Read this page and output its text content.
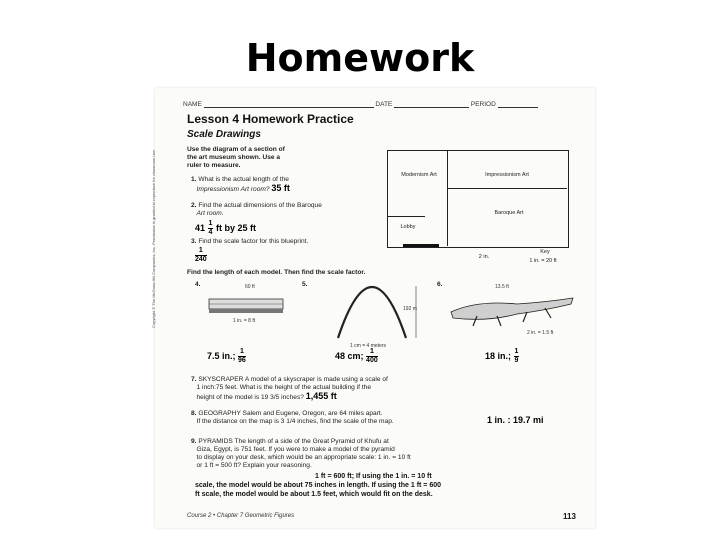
Homework
Copyright © The McGraw-Hill Companies, Inc. Permission is granted to reproduce for classroom use.
NAME	DATE	PERIOD
Lesson 4 Homework Practice
Scale Drawings
Use the diagram of a section of
the art museum shown. Use a
ruler to measure.
1. What is the actual length of the
Impressionism Art room? 35 ft
2. Find the actual dimensions of the Baroque
Art room.
$41 \frac{1}{4}$ ft by 25 ft
3. Find the scale factor for this blueprint.
$\frac{1}{240}$
Modernism Art	Impressionism Art
Baroque Art
Lobby
Key
1 in. = 20 ft
2 in.
Find the length of each model. Then find the scale factor.
4.	60 ft
1 in. = 8 ft
5.
192 m
1 cm = 4 meters
6.	13.5 ft
2 in. = 1.5 ft
7.5 in.; $\frac{1}{96}$	48 cm; $\frac{1}{400}$	18 in.; $\frac{1}{9}$
7. SKYSCRAPER A model of a skyscraper is made using a scale of
1 inch:75 feet. What is the height of the actual building if the
height of the model is 19 3/5 inches? 1,455 ft
8. GEOGRAPHY Salem and Eugene, Oregon, are 64 miles apart.
If the distance on the map is 3 1/4 inches, find the scale of the map.	1 in. : 19.7 mi
9. PYRAMIDS The length of a side of the Great Pyramid of Khufu at
Giza, Egypt, is 751 feet. If you were to make a model of the pyramid
to display on your desk, which would be an appropriate scale: 1 in. = 10 ft
or 1 ft = 500 ft? Explain your reasoning.
1 ft = 600 ft; If using the 1 in. = 10 ft
scale, the model would be about 75 inches in length. If using the 1 ft = 600
ft scale, the model would be about 1.5 feet, which would fit on the desk.
Course 2 • Chapter 7 Geometric Figures	113
